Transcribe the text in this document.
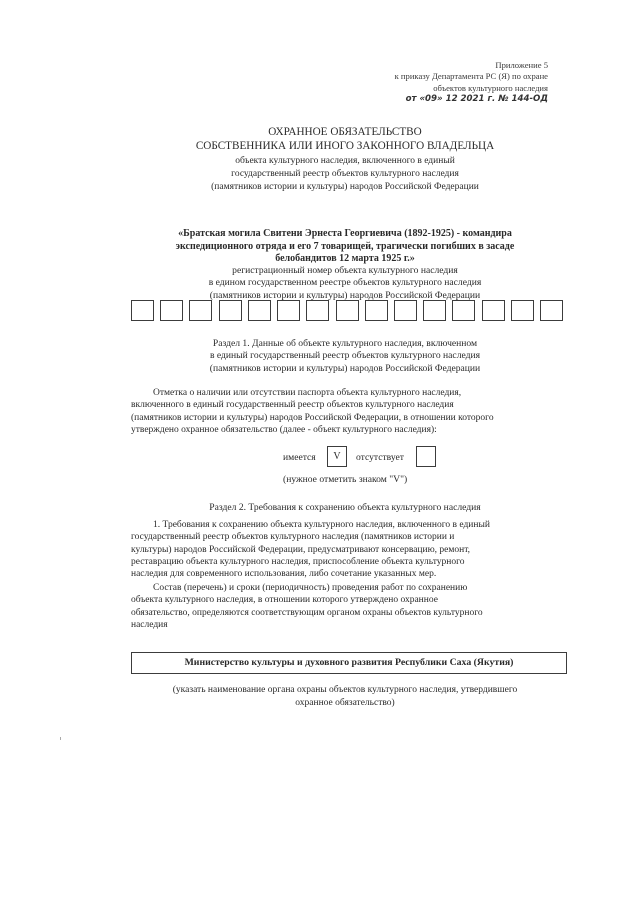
Приложение 5
к приказу Департамента РС (Я) по охране
объектов культурного наследия
от «09» 12 2021 г. № 144-ОД
ОХРАННОЕ ОБЯЗАТЕЛЬСТВО
СОБСТВЕННИКА ИЛИ ИНОГО ЗАКОННОГО ВЛАДЕЛЬЦА
объекта культурного наследия, включенного в единый
государственный реестр объектов культурного наследия
(памятников истории и культуры) народов Российской Федерации
«Братская могила Свитени Эрнеста Георгиевича (1892-1925) - командира
экспедиционного отряда и его 7 товарищей, трагически погибших в засаде
белобандитов 12 марта 1925 г.»
регистрационный номер объекта культурного наследия
в едином государственном реестре объектов культурного наследия
(памятников истории и культуры) народов Российской Федерации
Раздел 1. Данные об объекте культурного наследия, включенном
в единый государственный реестр объектов культурного наследия
(памятников истории и культуры) народов Российской Федерации
Отметка о наличии или отсутствии паспорта объекта культурного наследия,
включенного в единый государственный реестр объектов культурного наследия
(памятников истории и культуры) народов Российской Федерации, в отношении которого
утверждено охранное обязательство (далее - объект культурного наследия):
имеется	V	отсутствует
(нужное отметить знаком "V")
Раздел 2. Требования к сохранению объекта культурного наследия
1. Требования к сохранению объекта культурного наследия, включенного в единый
государственный реестр объектов культурного наследия (памятников истории и
культуры) народов Российской Федерации, предусматривают консервацию, ремонт,
реставрацию объекта культурного наследия, приспособление объекта культурного
наследия для современного использования, либо сочетание указанных мер.
Состав (перечень) и сроки (периодичность) проведения работ по сохранению
объекта культурного наследия, в отношении которого утверждено охранное
обязательство, определяются соответствующим органом охраны объектов культурного
наследия
Министерство культуры и духовного развития Республики Саха (Якутия)
(указать наименование органа охраны объектов культурного наследия, утвердившего
охранное обязательство)
